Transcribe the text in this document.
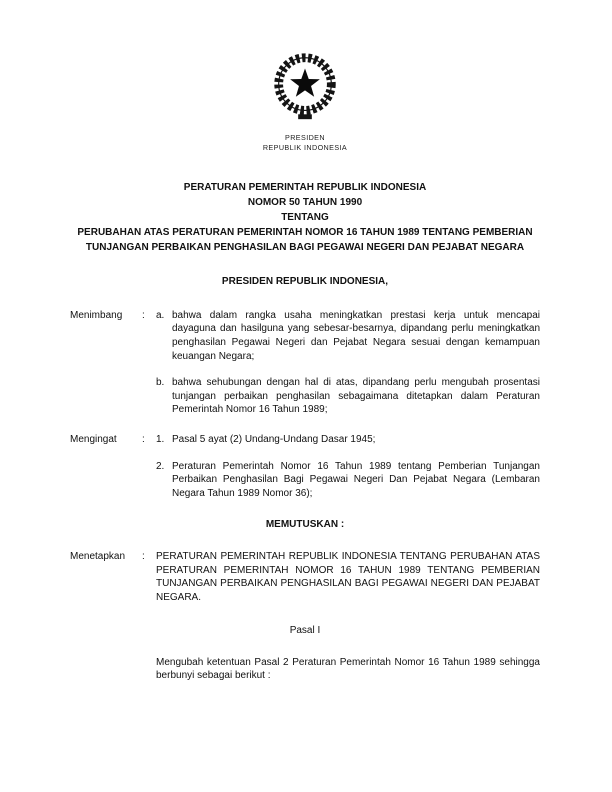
PRESIDEN
REPUBLIK INDONESIA
PERATURAN PEMERINTAH REPUBLIK INDONESIA
NOMOR 50 TAHUN 1990
TENTANG
PERUBAHAN ATAS PERATURAN PEMERINTAH NOMOR 16 TAHUN 1989 TENTANG PEMBERIAN TUNJANGAN PERBAIKAN PENGHASILAN BAGI PEGAWAI NEGERI DAN PEJABAT NEGARA
PRESIDEN REPUBLIK INDONESIA,
Menimbang	:	a. bahwa dalam rangka usaha meningkatkan prestasi kerja untuk mencapai dayaguna dan hasilguna yang sebesar-besarnya, dipandang perlu meningkatkan penghasilan Pegawai Negeri dan Pejabat Negara sesuai dengan kemampuan keuangan Negara;
b. bahwa sehubungan dengan hal di atas, dipandang perlu mengubah prosentasi tunjangan perbaikan penghasilan sebagaimana ditetapkan dalam Peraturan Pemerintah Nomor 16 Tahun 1989;
Mengingat	:	1. Pasal 5 ayat (2) Undang-Undang Dasar 1945;
2. Peraturan Pemerintah Nomor 16 Tahun 1989 tentang Pemberian Tunjangan Perbaikan Penghasilan Bagi Pegawai Negeri Dan Pejabat Negara (Lembaran Negara Tahun 1989 Nomor 36);
MEMUTUSKAN :
Menetapkan	:	PERATURAN PEMERINTAH REPUBLIK INDONESIA TENTANG PERUBAHAN ATAS PERATURAN PEMERINTAH NOMOR 16 TAHUN 1989 TENTANG PEMBERIAN TUNJANGAN PERBAIKAN PENGHASILAN BAGI PEGAWAI NEGERI DAN PEJABAT NEGARA.
Pasal I
Mengubah ketentuan Pasal 2 Peraturan Pemerintah Nomor 16 Tahun 1989 sehingga berbunyi sebagai berikut :
